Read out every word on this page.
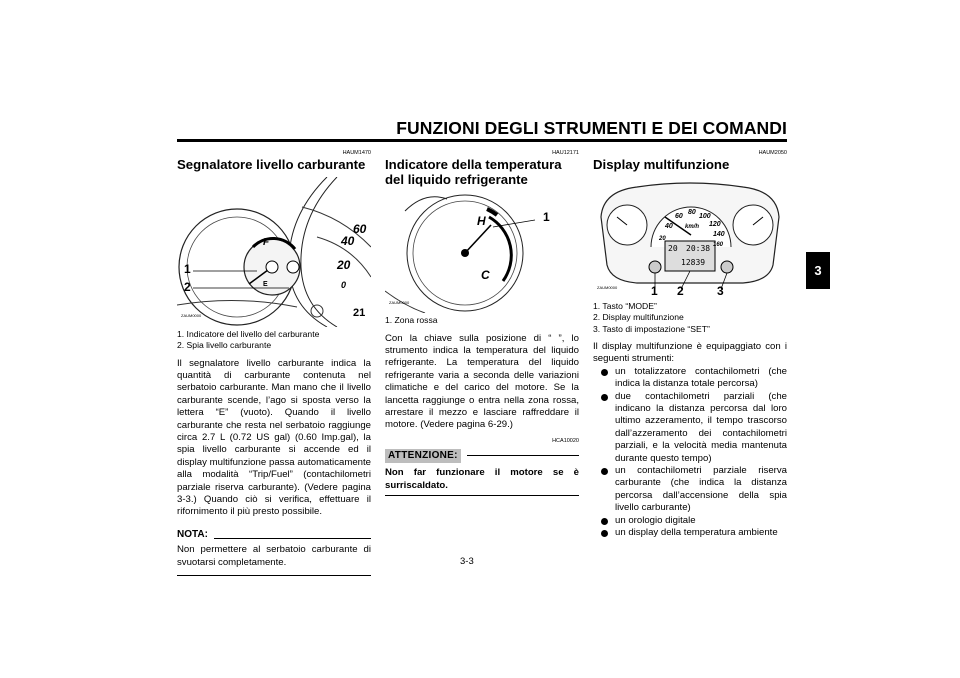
FUNZIONI DEGLI STRUMENTI E DEI COMANDI
3
HAUM1470
Segnalatore livello carburante
F
E
60
40
20
0
21
1
2
ZAUM0000
1. Indicatore del livello del carburante
2. Spia livello carburante

Il segnalatore livello carburante indica la quantità di carburante contenuta nel serbatoio carburante. Man mano che il livello carburante scende, l’ago si sposta verso la lettera “E” (vuoto). Quando il livello carburante che resta nel serbatoio raggiunge circa 2.7 L (0.72 US gal) (0.60 Imp.gal), la spia livello carburante si accende ed il display multifunzione passa automaticamente alla modalità “Trip/Fuel” (contachilometri parziale riserva carburante). (Vedere pagina 3-3.) Quando ciò si verifica, effettuare il rifornimento il più presto possibile.

NOTA:

Non permettere al serbatoio carburante di svuotarsi completamente.

HAU12171
Indicatore della temperatura del liquido refrigerante
H
C
1
ZAUM0000
1. Zona rossa

Con la chiave sulla posizione di “ ”, lo strumento indica la temperatura del liquido refrigerante. La temperatura del liquido refrigerante varia a seconda delle variazioni climatiche e del carico del motore. Se la lancetta raggiunge o entra nella zona rossa, arrestare il mezzo e lasciare raffreddare il motore. (Vedere pagina 6-29.)

HCA10020
ATTENZIONE:

Non far funzionare il motore se è surriscaldato.

HAUM2050
Display multifunzione
40
60
80
100
120
140
160
20
km/h
20 20:38
12839
1 2	3
ZAUM0000
1. Tasto “MODE”
2. Display multifunzione
3. Tasto di impostazione “SET”

Il display multifunzione è equipaggiato con i seguenti strumenti:

un totalizzatore contachilometri (che indica la distanza totale percorsa)

due contachilometri parziali (che indicano la distanza percorsa dal loro ultimo azzeramento, il tempo trascorso dall’azzeramento dei contachilometri parziali, e la velocità media mantenuta durante questo tempo)

un contachilometri parziale riserva carburante (che indica la distanza percorsa dall’accensione della spia livello carburante)

un orologio digitale

un display della temperatura ambiente

3-3
